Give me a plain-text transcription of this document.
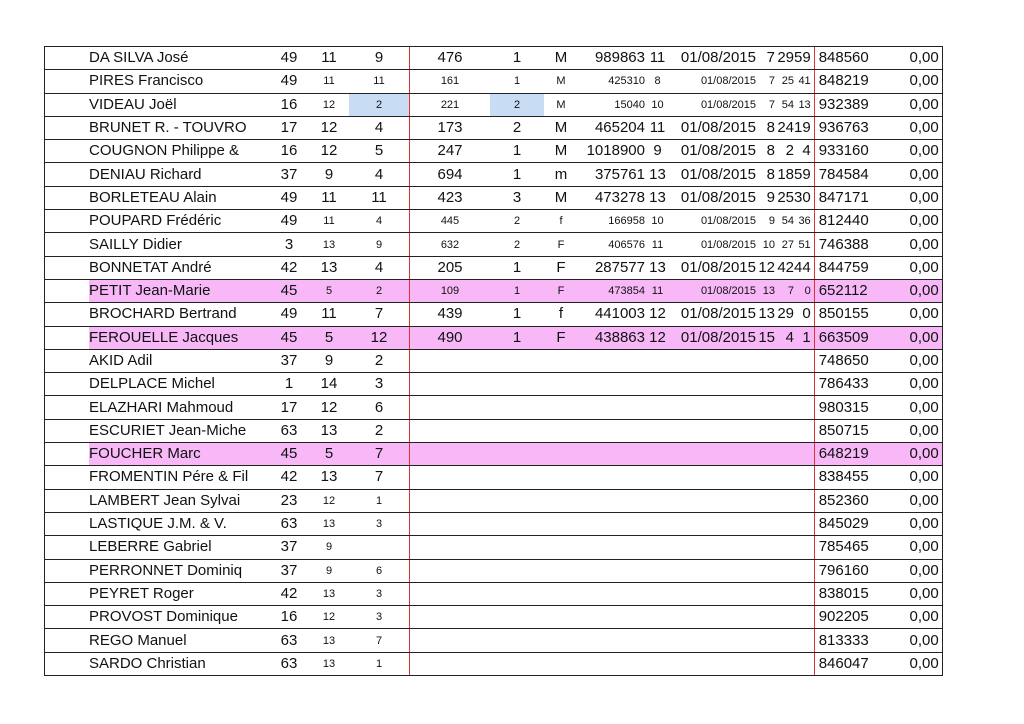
	DA SILVA José	49	11	9	476	1	M	989863	11	01/08/2015	7	29	59	848560	0,00
	PIRES Francisco	49	11	11	161	1	M	425310	8	01/08/2015	7	25	41	848219	0,00
	VIDEAU Joël	16	12	2	221	2	M	15040	10	01/08/2015	7	54	13	932389	0,00
	BRUNET R. - TOUVRO	17	12	4	173	2	M	465204	11	01/08/2015	8	24	19	936763	0,00
	COUGNON Philippe &	16	12	5	247	1	M	1018900	9	01/08/2015	8	2	4	933160	0,00
	DENIAU Richard	37	9	4	694	1	m	375761	13	01/08/2015	8	18	59	784584	0,00
	BORLETEAU Alain	49	11	11	423	3	M	473278	13	01/08/2015	9	25	30	847171	0,00
	POUPARD Frédéric	49	11	4	445	2	f	166958	10	01/08/2015	9	54	36	812440	0,00
	SAILLY Didier	3	13	9	632	2	F	406576	11	01/08/2015	10	27	51	746388	0,00
	BONNETAT André	42	13	4	205	1	F	287577	13	01/08/2015	12	42	44	844759	0,00
	PETIT Jean-Marie	45	5	2	109	1	F	473854	11	01/08/2015	13	7	0	652112	0,00
	BROCHARD Bertrand	49	11	7	439	1	f	441003	12	01/08/2015	13	29	0	850155	0,00
	FEROUELLE Jacques	45	5	12	490	1	F	438863	12	01/08/2015	15	4	1	663509	0,00
	AKID Adil	37	9	2										748650	0,00
	DELPLACE Michel	1	14	3										786433	0,00
	ELAZHARI Mahmoud	17	12	6										980315	0,00
	ESCURIET Jean-Miche	63	13	2										850715	0,00
	FOUCHER Marc	45	5	7										648219	0,00
	FROMENTIN Pére & Fil	42	13	7										838455	0,00
	LAMBERT Jean Sylvai	23	12	1										852360	0,00
	LASTIQUE J.M. & V.	63	13	3										845029	0,00
	LEBERRE Gabriel	37	9											785465	0,00
	PERRONNET Dominiq	37	9	6										796160	0,00
	PEYRET Roger	42	13	3										838015	0,00
	PROVOST Dominique	16	12	3										902205	0,00
	REGO Manuel	63	13	7										813333	0,00
	SARDO Christian	63	13	1										846047	0,00
